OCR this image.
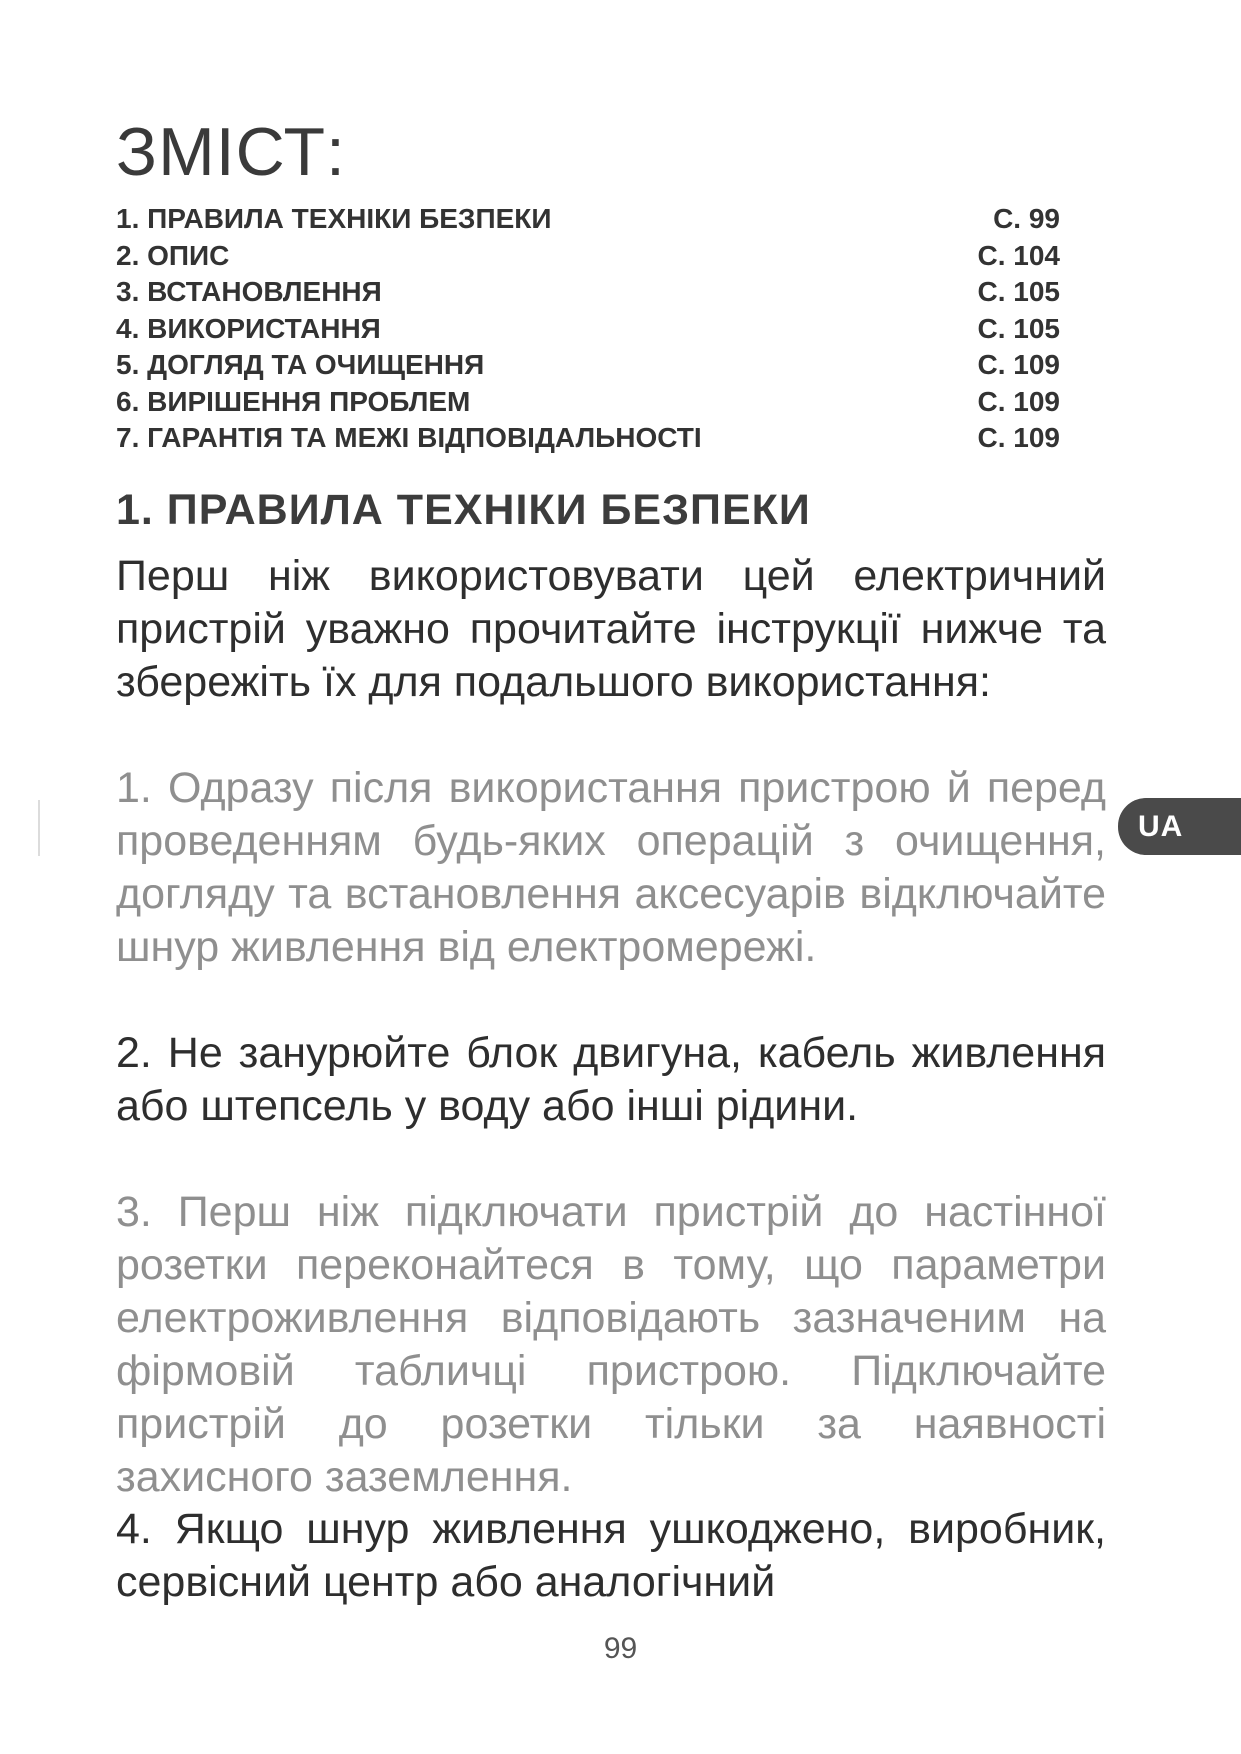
ЗМІСТ:
1. ПРАВИЛА ТЕХНІКИ БЕЗПЕКИ	С. 99
2. ОПИС	С. 104
3. ВСТАНОВЛЕННЯ	С. 105
4. ВИКОРИСТАННЯ	С. 105
5. ДОГЛЯД ТА ОЧИЩЕННЯ	С. 109
6. ВИРІШЕННЯ ПРОБЛЕМ	С. 109
7. ГАРАНТІЯ ТА МЕЖІ ВІДПОВІДАЛЬНОСТІ	С. 109
1. ПРАВИЛА ТЕХНІКИ БЕЗПЕКИ
Перш ніж використовувати цей електричний пристрій уважно прочитайте інструкції нижче та збережіть їх для подальшого використання:
1. Одразу після використання пристрою й перед проведенням будь-яких операцій з очищення, догляду та встановлення аксесуарів відключайте шнур живлення від електромережі.
2. Не занурюйте блок двигуна, кабель живлення або штепсель у воду або інші рідини.
3. Перш ніж підключати пристрій до настінної розетки переконайтеся в тому, що параметри електроживлення відповідають зазначеним на фірмовій табличці пристрою. Підключайте пристрій до розетки тільки за наявності захисного заземлення.
4. Якщо шнур живлення ушкоджено, виробник, сервісний центр або аналогічний
UA
99
